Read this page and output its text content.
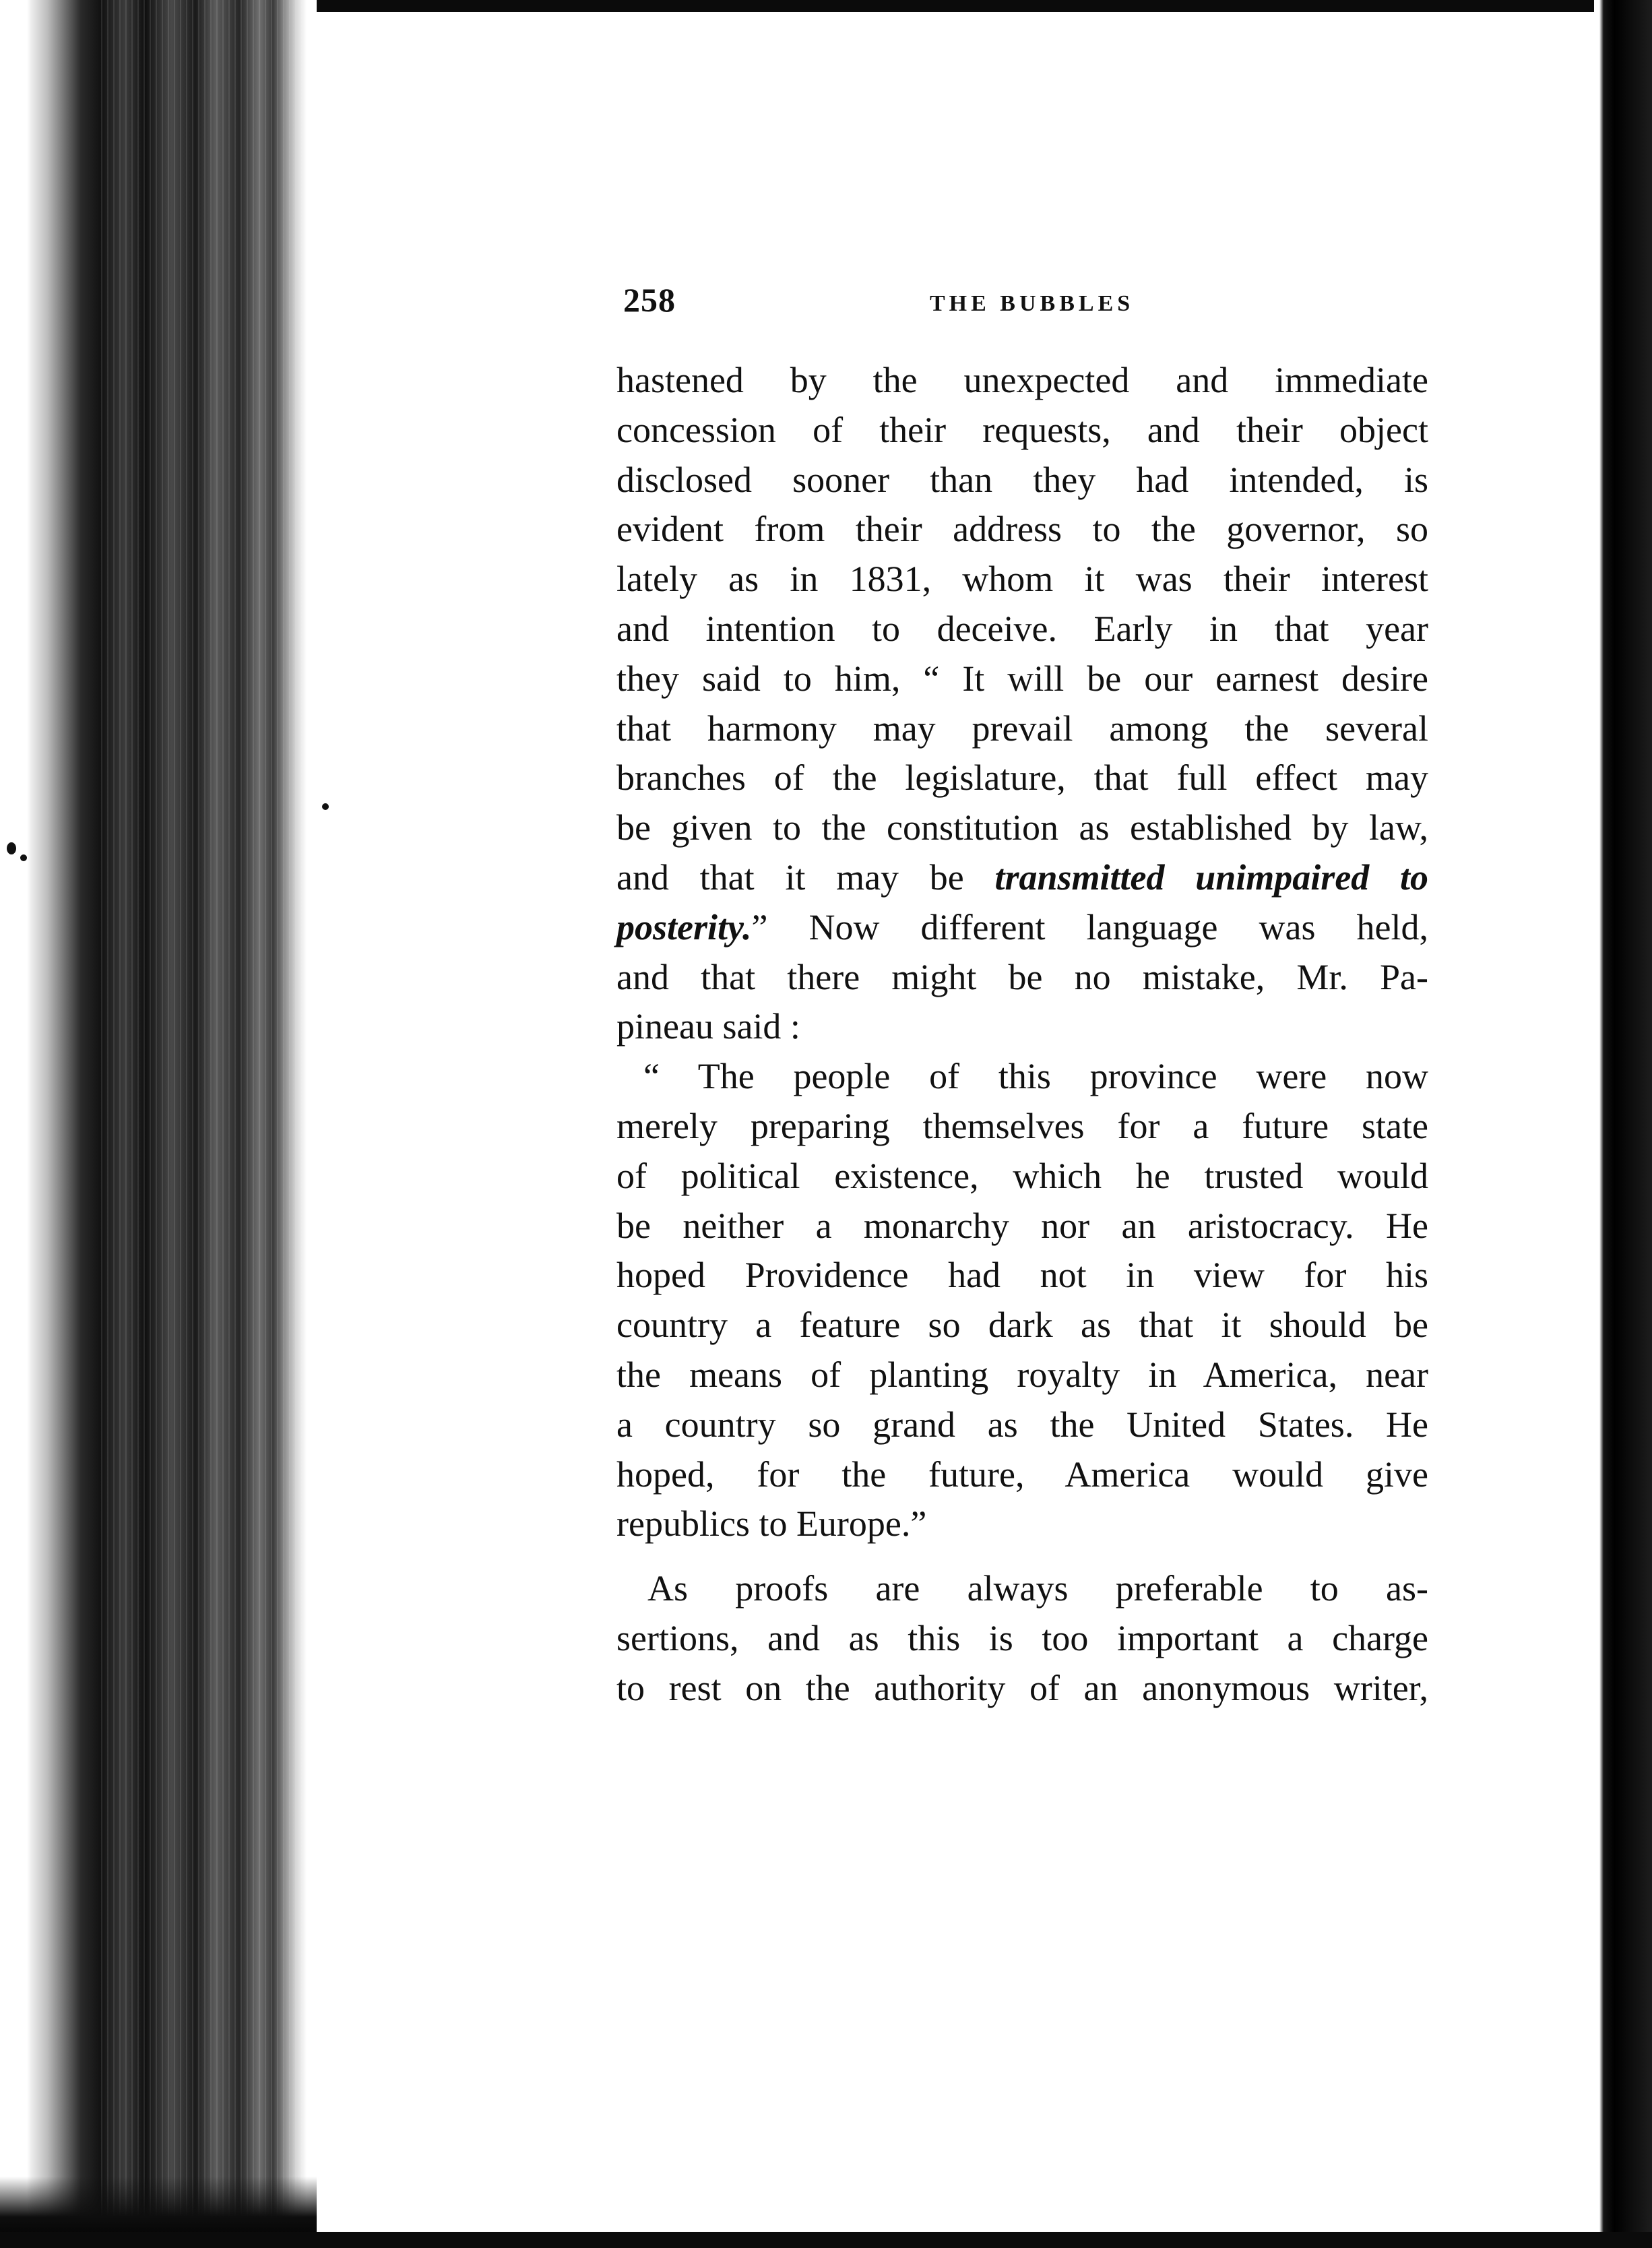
258	THE BUBBLES
hastened by the unexpected and immediate
concession of their requests, and their object
disclosed sooner than they had intended, is
evident from their address to the governor, so
lately as in 1831, whom it was their interest
and intention to deceive. Early in that year
they said to him, “ It will be our earnest desire
that harmony may prevail among the several
branches of the legislature, that full effect may
be given to the constitution as established by law,
and that it may be transmitted unimpaired to
posterity.” Now different language was held,
and that there might be no mistake, Mr. Pa-
pineau said :
“ The people of this province were now
merely preparing themselves for a future state
of political existence, which he trusted would
be neither a monarchy nor an aristocracy. He
hoped Providence had not in view for his
country a feature so dark as that it should be
the means of planting royalty in America, near
a country so grand as the United States. He
hoped, for the future, America would give
republics to Europe.”
As proofs are always preferable to as-
sertions, and as this is too important a charge
to rest on the authority of an anonymous writer,
